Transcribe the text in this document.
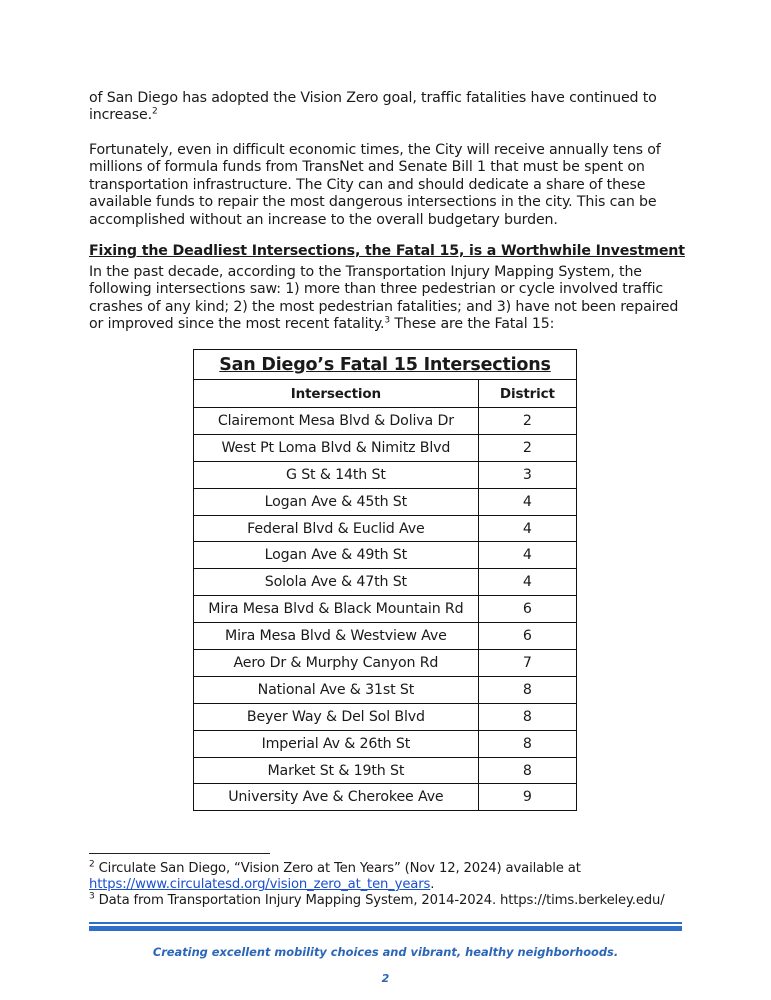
of San Diego has adopted the Vision Zero goal, traffic fatalities have continued to increase.$^2$

Fortunately, even in difficult economic times, the City will receive annually tens of millions of formula funds from TransNet and Senate Bill 1 that must be spent on transportation infrastructure. The City can and should dedicate a share of these available funds to repair the most dangerous intersections in the city. This can be accomplished without an increase to the overall budgetary burden.

Fixing the Deadliest Intersections, the Fatal 15, is a Worthwhile Investment

In the past decade, according to the Transportation Injury Mapping System, the following intersections saw: 1) more than three pedestrian or cycle involved traffic crashes of any kind; 2) the most pedestrian fatalities; and 3) have not been repaired or improved since the most recent fatality.$^3$ These are the Fatal 15:

San Diego’s Fatal 15 Intersections	
Intersection	District
Clairemont Mesa Blvd & Doliva Dr	2
West Pt Loma Blvd & Nimitz Blvd	2
G St & 14th St	3
Logan Ave & 45th St	4
Federal Blvd & Euclid Ave	4
Logan Ave & 49th St	4
Solola Ave & 47th St	4
Mira Mesa Blvd & Black Mountain Rd	6
Mira Mesa Blvd & Westview Ave	6
Aero Dr & Murphy Canyon Rd	7
National Ave & 31st St	8
Beyer Way & Del Sol Blvd	8
Imperial Av & 26th St	8
Market St & 19th St	8
University Ave & Cherokee Ave	9
$^2$ Circulate San Diego, “Vision Zero at Ten Years” (Nov 12, 2024) available at
https://www.circulatesd.org/vision_zero_at_ten_years.
$^3$ Data from Transportation Injury Mapping System, 2014-2024. https://tims.berkeley.edu/
Creating excellent mobility choices and vibrant, healthy neighborhoods.
2
